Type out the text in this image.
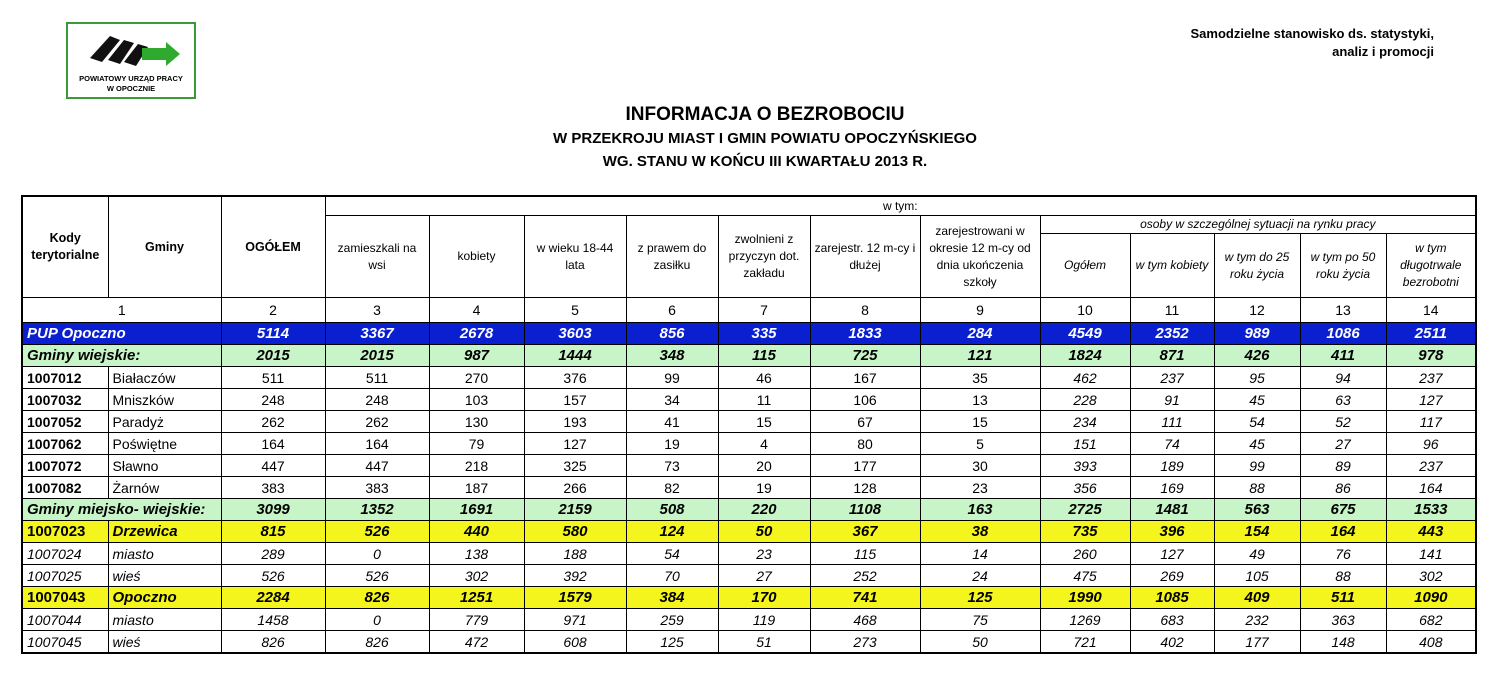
POWIATOWY URZĄD PRACY
W OPOCZNIE
Samodzielne stanowisko ds. statystyki,
analiz i promocji
INFORMACJA O BEZROBOCIU
W PRZEKROJU MIAST I GMIN POWIATU OPOCZYŃSKIEGO
WG. STANU W KOŃCU III KWARTAŁU 2013 R.
Kody terytorialne	Gminy	OGÓŁEM	w tym:											
			zamieszkali na wsi	kobiety	w wieku 18-44 lata	z prawem do zasiłku	zwolnieni z przyczyn dot. zakładu	zarejestr. 12 m-cy i dłużej	zarejestrowani w okresie 12 m-cy od dnia ukończenia szkoły	osoby w szczególnej sytuacji na rynku pracy				
										Ogółem	w tym kobiety	w tym do 25 roku życia	w tym po 50 roku życia	w tym długotrwale bezrobotni
1		2	3	4	5	6	7	8	9	10	11	12	13	14
PUP Opoczno		5114	3367	2678	3603	856	335	1833	284	4549	2352	989	1086	2511
Gminy wiejskie:		2015	2015	987	1444	348	115	725	121	1824	871	426	411	978
1007012	Białaczów	511	511	270	376	99	46	167	35	462	237	95	94	237
1007032	Mniszków	248	248	103	157	34	11	106	13	228	91	45	63	127
1007052	Paradyż	262	262	130	193	41	15	67	15	234	111	54	52	117
1007062	Poświętne	164	164	79	127	19	4	80	5	151	74	45	27	96
1007072	Sławno	447	447	218	325	73	20	177	30	393	189	99	89	237
1007082	Żarnów	383	383	187	266	82	19	128	23	356	169	88	86	164
Gminy miejsko- wiejskie:		3099	1352	1691	2159	508	220	1108	163	2725	1481	563	675	1533
1007023	Drzewica	815	526	440	580	124	50	367	38	735	396	154	164	443
1007024	miasto	289	0	138	188	54	23	115	14	260	127	49	76	141
1007025	wieś	526	526	302	392	70	27	252	24	475	269	105	88	302
1007043	Opoczno	2284	826	1251	1579	384	170	741	125	1990	1085	409	511	1090
1007044	miasto	1458	0	779	971	259	119	468	75	1269	683	232	363	682
1007045	wieś	826	826	472	608	125	51	273	50	721	402	177	148	408
